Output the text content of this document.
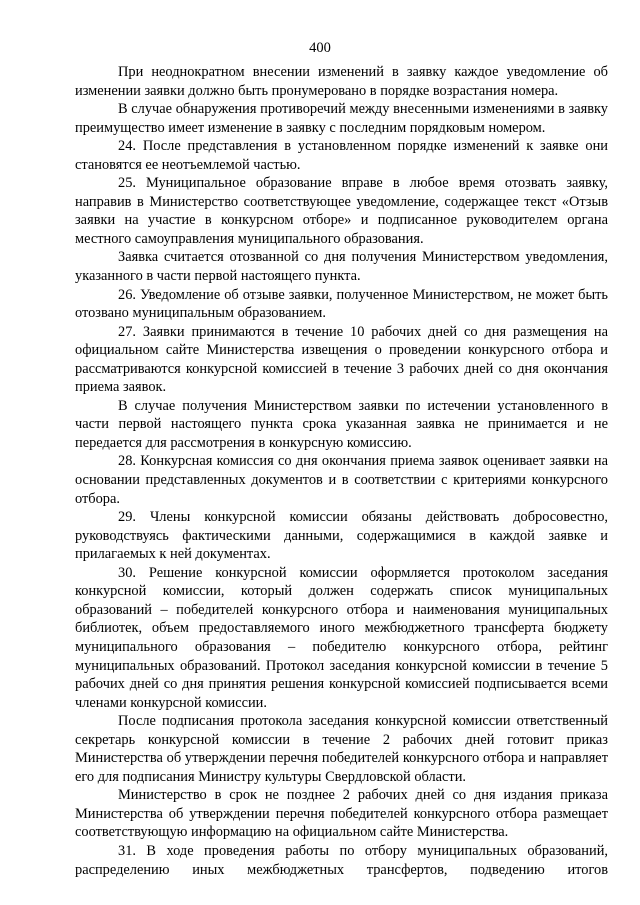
400

При неоднократном внесении изменений в заявку каждое уведомление об изменении заявки должно быть пронумеровано в порядке возрастания номера.

В случае обнаружения противоречий между внесенными изменениями в заявку преимущество имеет изменение в заявку с последним порядковым номером.

24. После представления в установленном порядке изменений к заявке они становятся ее неотъемлемой частью.

25. Муниципальное образование вправе в любое время отозвать заявку, направив в Министерство соответствующее уведомление, содержащее текст «Отзыв заявки на участие в конкурсном отборе» и подписанное руководителем органа местного самоуправления муниципального образования.

Заявка считается отозванной со дня получения Министерством уведомления, указанного в части первой настоящего пункта.

26. Уведомление об отзыве заявки, полученное Министерством, не может быть отозвано муниципальным образованием.

27. Заявки принимаются в течение 10 рабочих дней со дня размещения на официальном сайте Министерства извещения о проведении конкурсного отбора и рассматриваются конкурсной комиссией в течение 3 рабочих дней со дня окончания приема заявок.

В случае получения Министерством заявки по истечении установленного в части первой настоящего пункта срока указанная заявка не принимается и не передается для рассмотрения в конкурсную комиссию.

28. Конкурсная комиссия со дня окончания приема заявок оценивает заявки на основании представленных документов и в соответствии с критериями конкурсного отбора.

29. Члены конкурсной комиссии обязаны действовать добросовестно, руководствуясь фактическими данными, содержащимися в каждой заявке и прилагаемых к ней документах.

30. Решение конкурсной комиссии оформляется протоколом заседания конкурсной комиссии, который должен содержать список муниципальных образований – победителей конкурсного отбора и наименования муниципальных библиотек, объем предоставляемого иного межбюджетного трансферта бюджету муниципального образования – победителю конкурсного отбора, рейтинг муниципальных образований. Протокол заседания конкурсной комиссии в течение 5 рабочих дней со дня принятия решения конкурсной комиссией подписывается всеми членами конкурсной комиссии.

После подписания протокола заседания конкурсной комиссии ответственный секретарь конкурсной комиссии в течение 2 рабочих дней готовит приказ Министерства об утверждении перечня победителей конкурсного отбора и направляет его для подписания Министру культуры Свердловской области.

Министерство в срок не позднее 2 рабочих дней со дня издания приказа Министерства об утверждении перечня победителей конкурсного отбора размещает соответствующую информацию на официальном сайте Министерства.

31. В ходе проведения работы по отбору муниципальных образований, распределению иных межбюджетных трансфертов, подведению итогов
